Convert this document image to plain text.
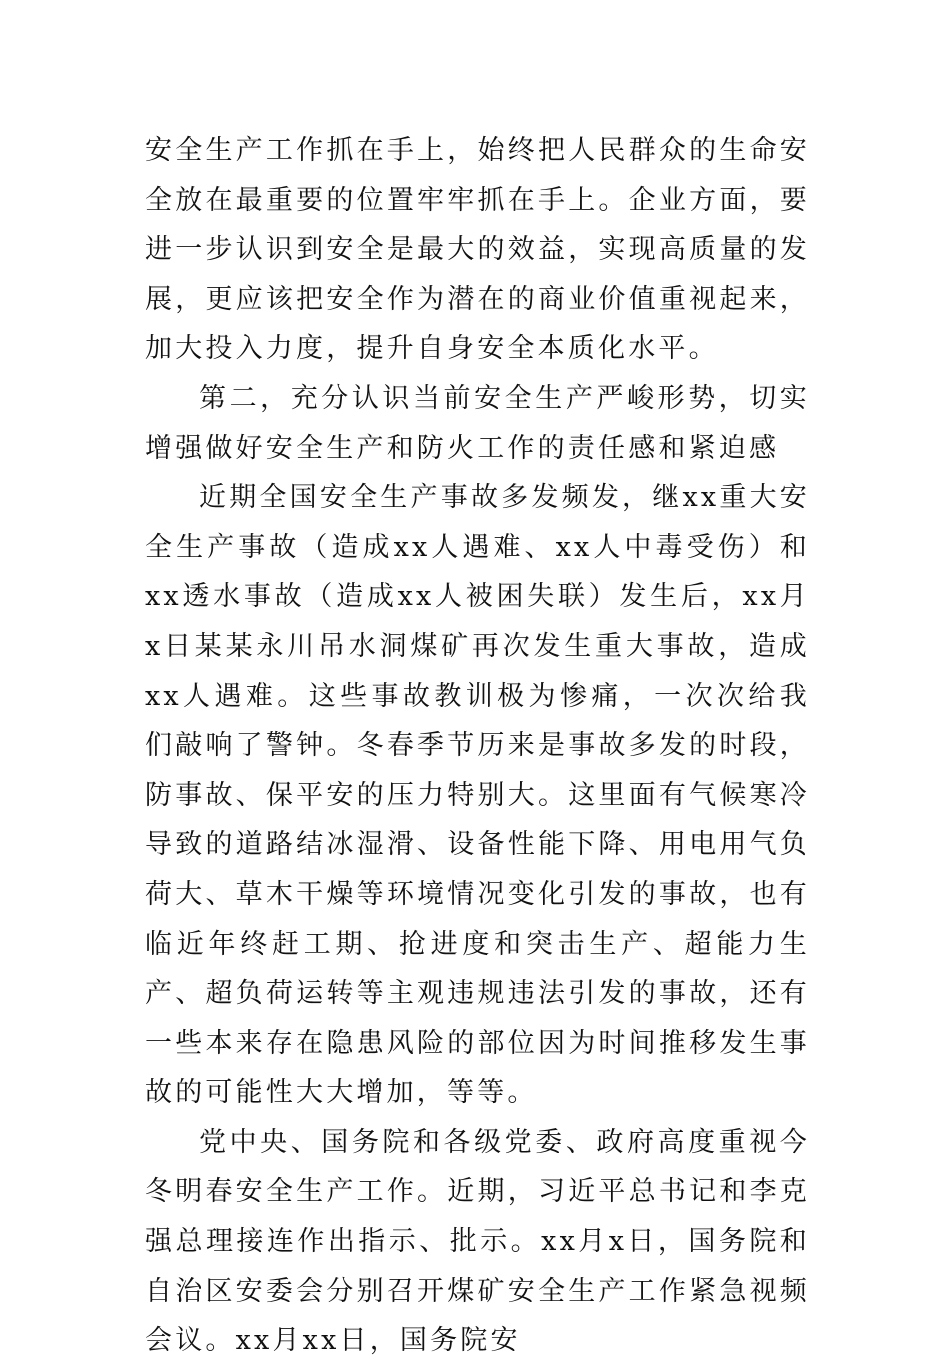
安全生产工作抓在手上，始终把人民群众的生命安全放在最重要的位置牢牢抓在手上。企业方面，要进一步认识到安全是最大的效益，实现高质量的发展，更应该把安全作为潜在的商业价值重视起来，加大投入力度，提升自身安全本质化水平。

第二，充分认识当前安全生产严峻形势，切实增强做好安全生产和防火工作的责任感和紧迫感

近期全国安全生产事故多发频发，继xx重大安全生产事故（造成xx人遇难、xx人中毒受伤）和xx透水事故（造成xx人被困失联）发生后，xx月x日某某永川吊水洞煤矿再次发生重大事故，造成xx人遇难。这些事故教训极为惨痛，一次次给我们敲响了警钟。冬春季节历来是事故多发的时段，防事故、保平安的压力特别大。这里面有气候寒冷导致的道路结冰湿滑、设备性能下降、用电用气负荷大、草木干燥等环境情况变化引发的事故，也有临近年终赶工期、抢进度和突击生产、超能力生产、超负荷运转等主观违规违法引发的事故，还有一些本来存在隐患风险的部位因为时间推移发生事故的可能性大大增加，等等。

党中央、国务院和各级党委、政府高度重视今冬明春安全生产工作。近期，习近平总书记和李克强总理接连作出指示、批示。xx月x日，国务院和自治区安委会分别召开煤矿安全生产工作紧急视频会议。xx月xx日，国务院安
